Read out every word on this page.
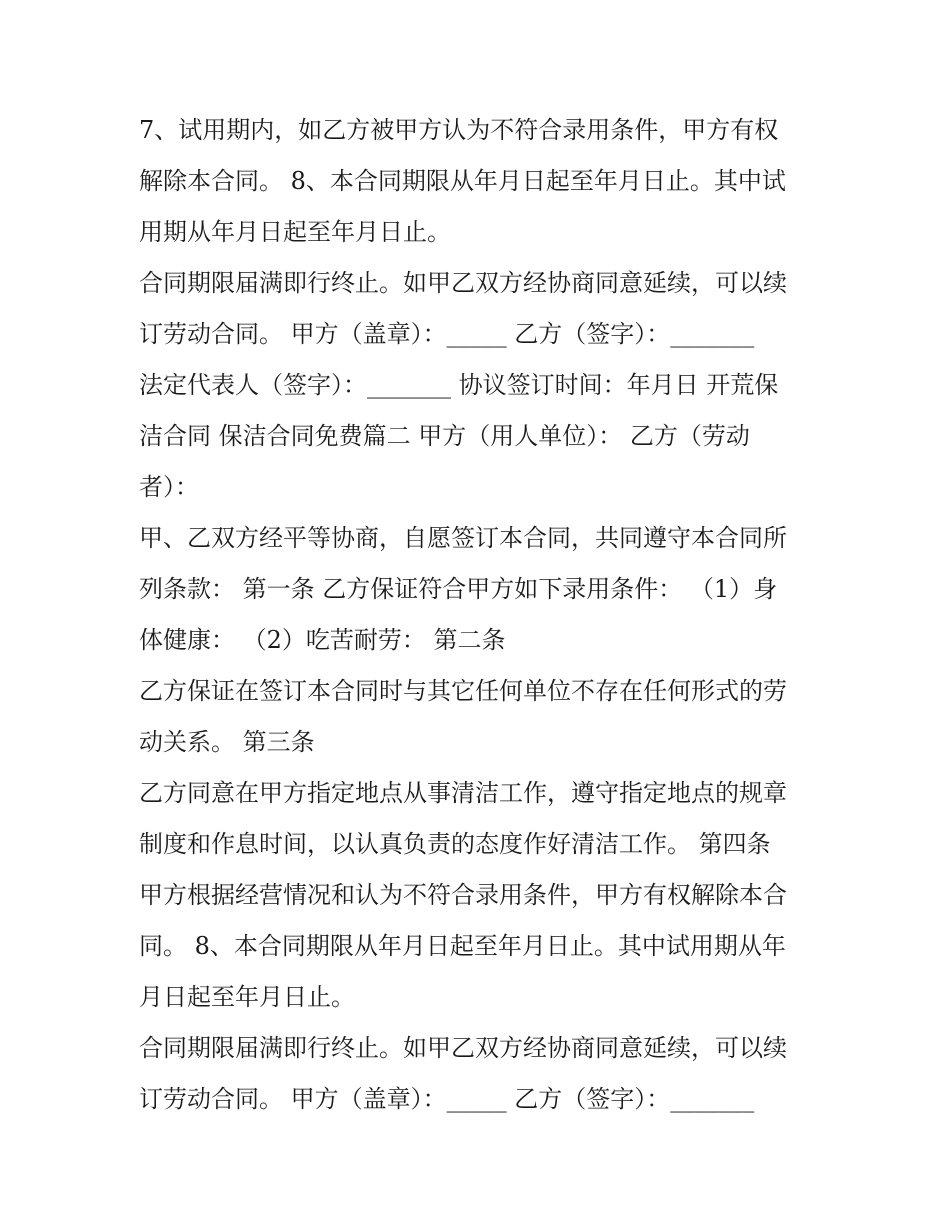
7、试用期内，如乙方被甲方认为不符合录用条件，甲方有权
解除本合同。 8、本合同期限从年月日起至年月日止。其中试
用期从年月日起至年月日止。
合同期限届满即行终止。如甲乙双方经协商同意延续，可以续
订劳动合同。 甲方（盖章）：_____ 乙方（签字）：_______
法定代表人（签字）：_______ 协议签订时间：年月日 开荒保
洁合同 保洁合同免费篇二 甲方（用人单位）： 乙方（劳动
者）：
甲、乙双方经平等协商，自愿签订本合同，共同遵守本合同所
列条款： 第一条 乙方保证符合甲方如下录用条件： （1）身
体健康： （2）吃苦耐劳： 第二条
乙方保证在签订本合同时与其它任何单位不存在任何形式的劳
动关系。 第三条
乙方同意在甲方指定地点从事清洁工作，遵守指定地点的规章
制度和作息时间，以认真负责的态度作好清洁工作。 第四条
甲方根据经营情况和认为不符合录用条件，甲方有权解除本合
同。 8、本合同期限从年月日起至年月日止。其中试用期从年
月日起至年月日止。
合同期限届满即行终止。如甲乙双方经协商同意延续，可以续
订劳动合同。 甲方（盖章）：_____ 乙方（签字）：_______
